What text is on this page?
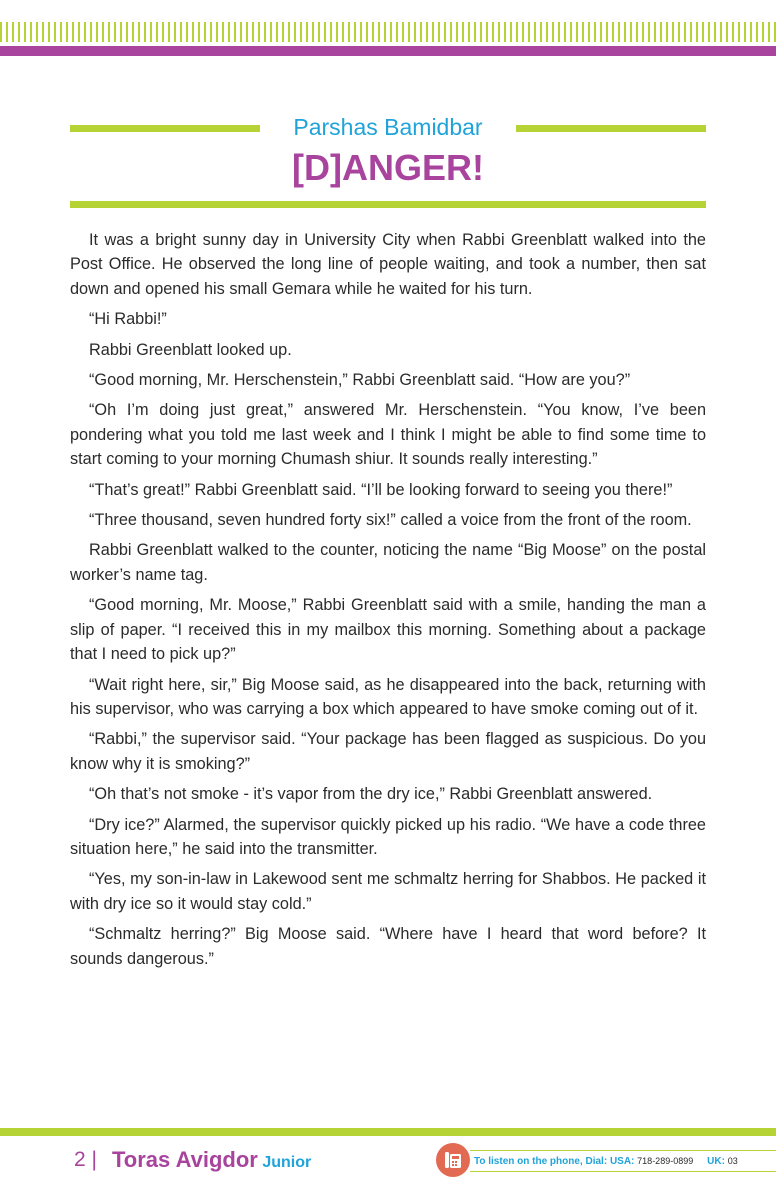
Parshas Bamidbar
[D]ANGER!

It was a bright sunny day in University City when Rabbi Greenblatt walked into the Post Office. He observed the long line of people waiting, and took a number, then sat down and opened his small Gemara while he waited for his turn.

“Hi Rabbi!”

Rabbi Greenblatt looked up.

“Good morning, Mr. Herschenstein,” Rabbi Greenblatt said. “How are you?”

“Oh I’m doing just great,” answered Mr. Herschenstein. “You know, I’ve been pondering what you told me last week and I think I might be able to find some time to start coming to your morning Chumash shiur. It sounds really interesting.”

“That’s great!” Rabbi Greenblatt said. “I’ll be looking forward to seeing you there!”

“Three thousand, seven hundred forty six!” called a voice from the front of the room.

Rabbi Greenblatt walked to the counter, noticing the name “Big Moose” on the postal worker’s name tag.

“Good morning, Mr. Moose,” Rabbi Greenblatt said with a smile, handing the man a slip of paper. “I received this in my mailbox this morning. Something about a package that I need to pick up?”

“Wait right here, sir,” Big Moose said, as he disappeared into the back, returning with his supervisor, who was carrying a box which appeared to have smoke coming out of it.

“Rabbi,” the supervisor said. “Your package has been flagged as suspicious. Do you know why it is smoking?”

“Oh that’s not smoke - it’s vapor from the dry ice,” Rabbi Greenblatt answered.

“Dry ice?” Alarmed, the supervisor quickly picked up his radio. “We have a code three situation here,” he said into the transmitter.

“Yes, my son-in-law in Lakewood sent me schmaltz herring for Shabbos. He packed it with dry ice so it would stay cold.”

“Schmaltz herring?” Big Moose said. “Where have I heard that word before? It sounds dangerous.”

2 | Toras Avigdor Junior	To listen on the phone, Dial: USA: 718-289-0899 UK: 03
